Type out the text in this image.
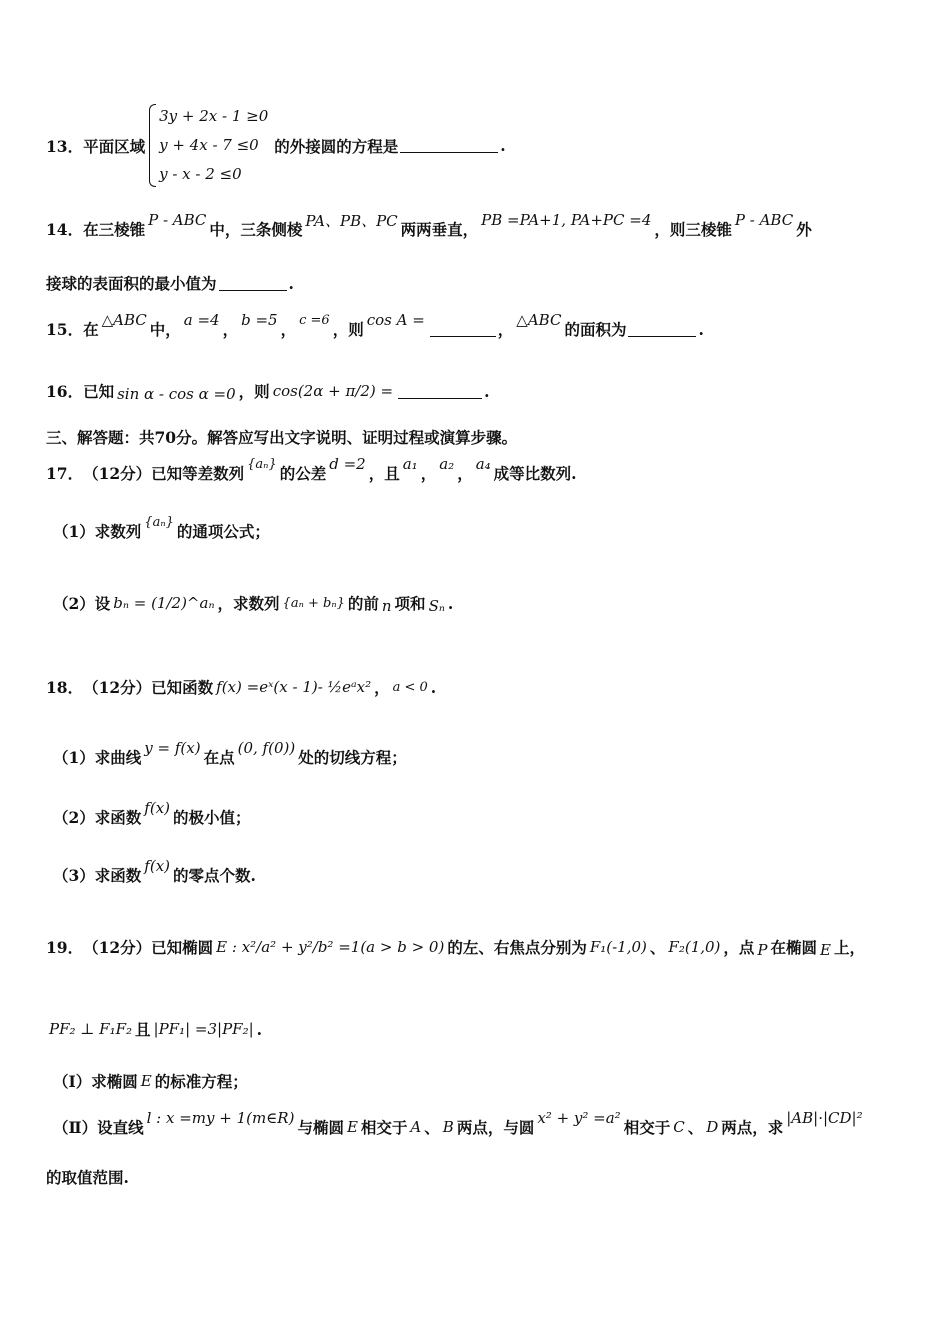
13． 平面区域
3y + 2x - 1 ≥0
y + 4x - 7 ≤0
y - x - 2 ≤0
的外接圆的方程是	.
14． 在三棱锥 P - ABC 中，三条侧棱 PA、PB、PC 两两垂直， PB =PA+1, PA+PC =4 ，则三棱锥 P - ABC 外
接球的表面积的最小值为	.
15． 在 △ABC 中， a =4 ， b =5 ， c =6 ，则 cos A =	， △ABC 的面积为	.
16． 已知 sin α - cos α =0 ，则 cos(2α + π/2) =	.
三、解答题：共70分。解答应写出文字说明、证明过程或演算步骤。
17． （12分）已知等差数列 {aₙ} 的公差 d =2 ，且 a₁ ， a₂ ， a₄ 成等比数列.
（1）求数列 {aₙ} 的通项公式；
（2）设 bₙ = (1/2)^aₙ ，求数列 {aₙ + bₙ} 的前 n 项和 Sₙ .
18． （12分）已知函数 f(x) =eˣ(x - 1)- ½eᵃx² ， a < 0 .
（1）求曲线 y = f(x) 在点 (0, f(0)) 处的切线方程；
（2）求函数 f(x) 的极小值；
（3）求函数 f(x) 的零点个数.
19． （12分）已知椭圆 E : x²/a² + y²/b² =1(a > b > 0) 的左、右焦点分别为 F₁(-1,0) 、 F₂(1,0) ，点 P 在椭圆 E 上，
PF₂ ⊥ F₁F₂ 且 |PF₁| =3|PF₂| .
（Ⅰ）求椭圆 E 的标准方程；
（Ⅱ）设直线 l : x =my + 1(m∈R) 与椭圆 E 相交于 A 、 B 两点，与圆 x² + y² =a² 相交于 C 、 D 两点，求 |AB|·|CD|²
的取值范围.
